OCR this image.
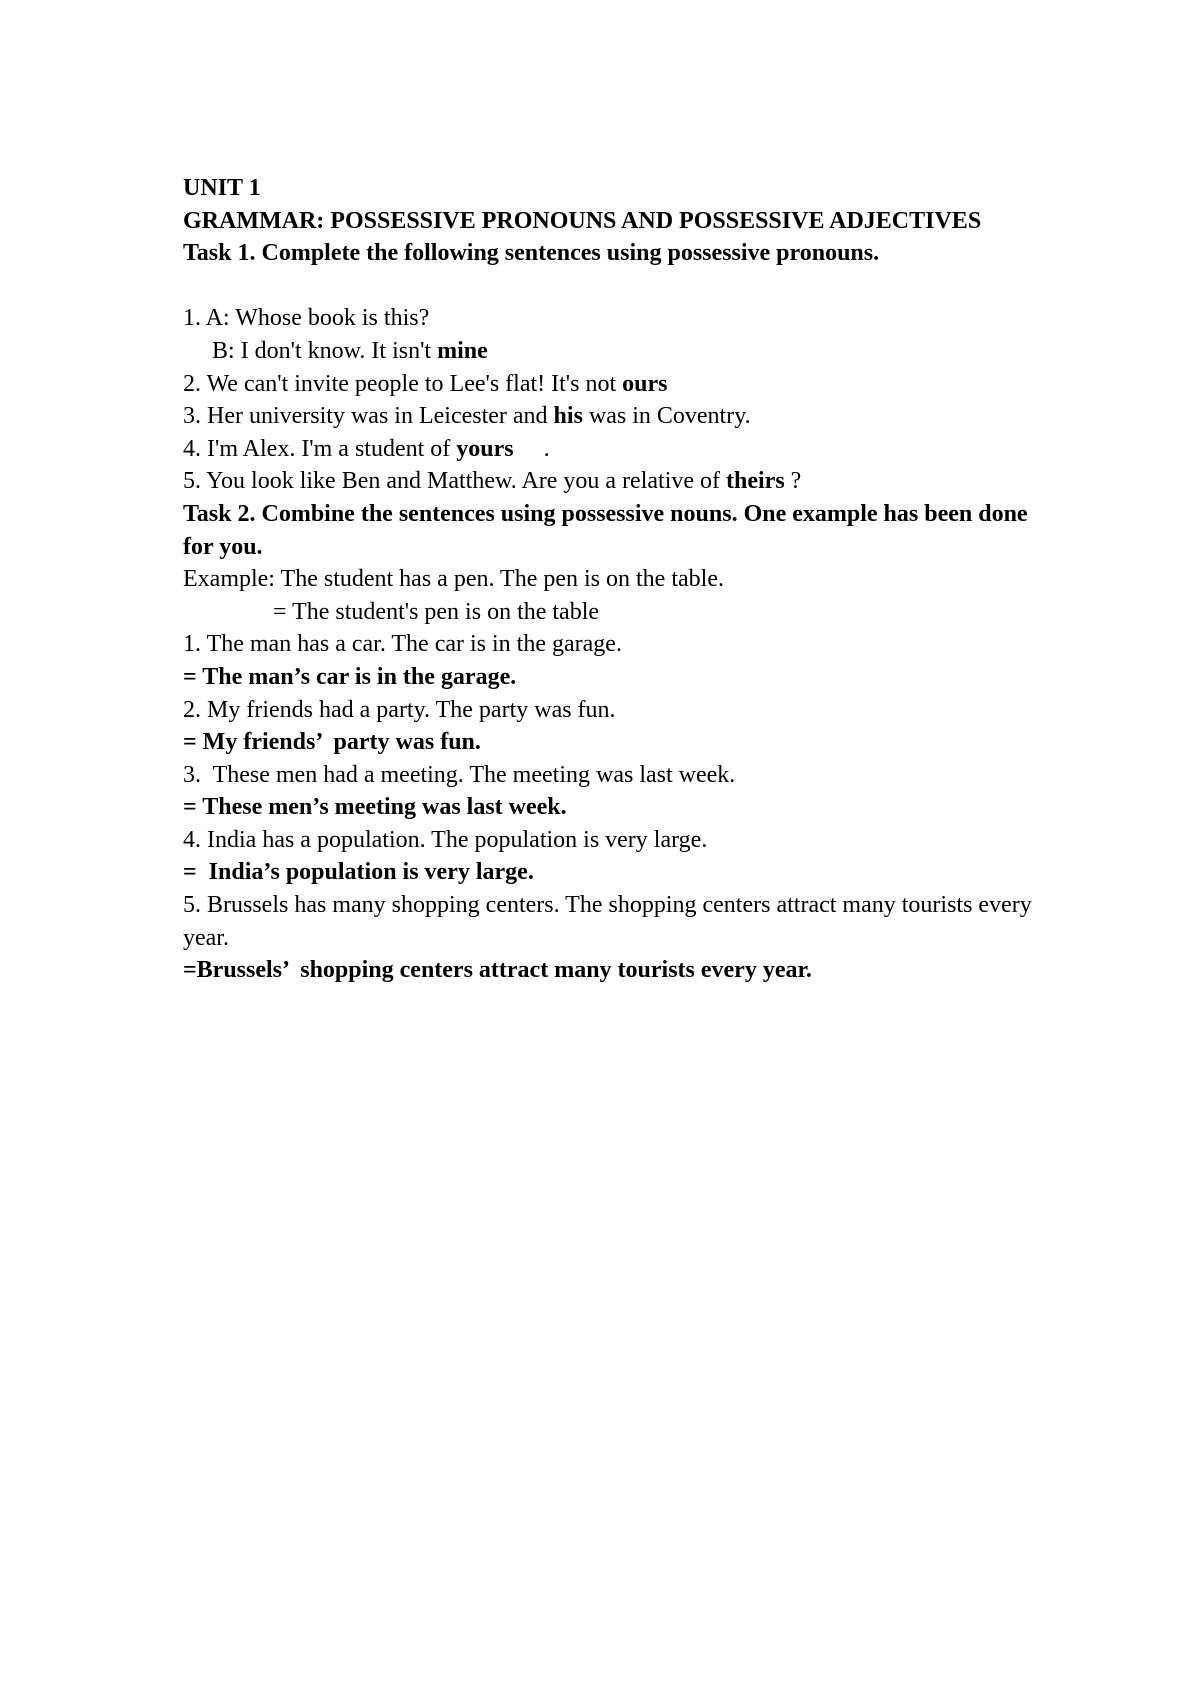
UNIT 1
GRAMMAR: POSSESSIVE PRONOUNS AND POSSESSIVE ADJECTIVES
Task 1. Complete the following sentences using possessive pronouns.
1. A: Whose book is this?
B: I don't know. It isn't mine
2. We can't invite people to Lee's flat! It's not ours
3. Her university was in Leicester and his was in Coventry.
4. I'm Alex. I'm a student of yours     .
5. You look like Ben and Matthew. Are you a relative of theirs ?
Task 2. Combine the sentences using possessive nouns. One example has been done for you.
Example: The student has a pen. The pen is on the table.
= The student's pen is on the table
1. The man has a car. The car is in the garage.
= The man’s car is in the garage.
2. My friends had a party. The party was fun.
= My friends’  party was fun.
3.  These men had a meeting. The meeting was last week.
= These men’s meeting was last week.
4. India has a population. The population is very large.
=  India’s population is very large.
5. Brussels has many shopping centers. The shopping centers attract many tourists every year.
=Brussels’  shopping centers attract many tourists every year.
